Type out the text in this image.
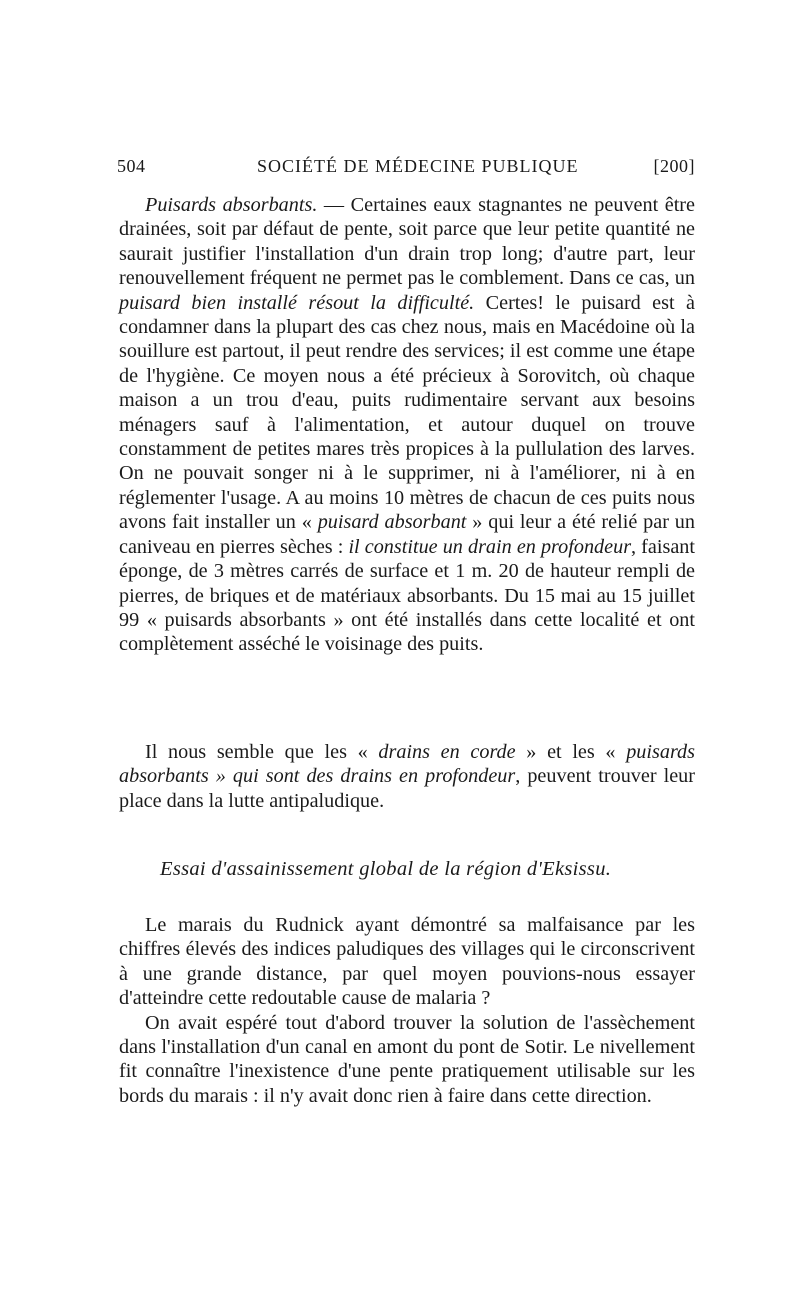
504	SOCIÉTÉ DE MÉDECINE PUBLIQUE	[200]

Puisards absorbants. — Certaines eaux stagnantes ne peuvent être drainées, soit par défaut de pente, soit parce que leur petite quantité ne saurait justifier l'installation d'un drain trop long; d'autre part, leur renouvellement fréquent ne permet pas le comblement. Dans ce cas, un puisard bien installé résout la difficulté. Certes! le puisard est à condamner dans la plupart des cas chez nous, mais en Macédoine où la souillure est partout, il peut rendre des services; il est comme une étape de l'hygiène. Ce moyen nous a été précieux à Sorovitch, où chaque maison a un trou d'eau, puits rudimentaire servant aux besoins ménagers sauf à l'alimentation, et autour duquel on trouve constamment de petites mares très propices à la pullulation des larves. On ne pouvait songer ni à le supprimer, ni à l'améliorer, ni à en réglementer l'usage. A au moins 10 mètres de chacun de ces puits nous avons fait installer un « puisard absorbant » qui leur a été relié par un caniveau en pierres sèches : il constitue un drain en profondeur, faisant éponge, de 3 mètres carrés de surface et 1 m. 20 de hauteur rempli de pierres, de briques et de matériaux absorbants. Du 15 mai au 15 juillet 99 « puisards absorbants » ont été installés dans cette localité et ont complètement asséché le voisinage des puits.

Il nous semble que les « drains en corde » et les « puisards absorbants » qui sont des drains en profondeur, peuvent trouver leur place dans la lutte antipaludique.

Essai d'assainissement global de la région d'Eksissu.

Le marais du Rudnick ayant démontré sa malfaisance par les chiffres élevés des indices paludiques des villages qui le circonscrivent à une grande distance, par quel moyen pouvions-nous essayer d'atteindre cette redoutable cause de malaria ?

On avait espéré tout d'abord trouver la solution de l'assèchement dans l'installation d'un canal en amont du pont de Sotir. Le nivellement fit connaître l'inexistence d'une pente pratiquement utilisable sur les bords du marais : il n'y avait donc rien à faire dans cette direction.
